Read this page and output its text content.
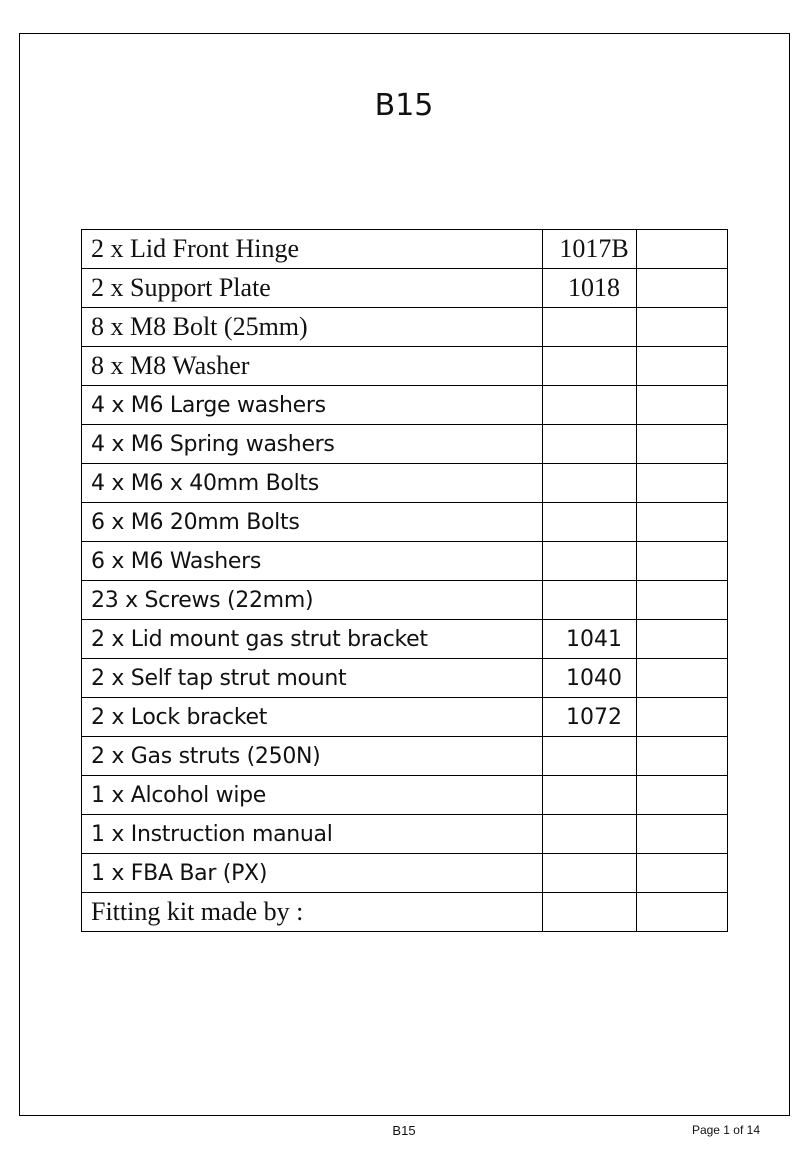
B15
2 x Lid Front Hinge	1017B	
2 x Support Plate	1018	
8 x M8 Bolt (25mm)		
8 x M8 Washer		
4 x M6 Large washers		
4 x M6 Spring washers		
4 x M6 x 40mm Bolts		
6 x M6 20mm Bolts		
6 x M6 Washers		
23 x Screws (22mm)		
2 x Lid mount gas strut bracket	1041	
2 x Self tap strut mount	1040	
2 x Lock bracket	1072	
2 x Gas struts (250N)		
1 x Alcohol wipe		
1 x Instruction manual		
1 x FBA Bar (PX)		
Fitting kit made by :		
B15	Page 1 of 14
